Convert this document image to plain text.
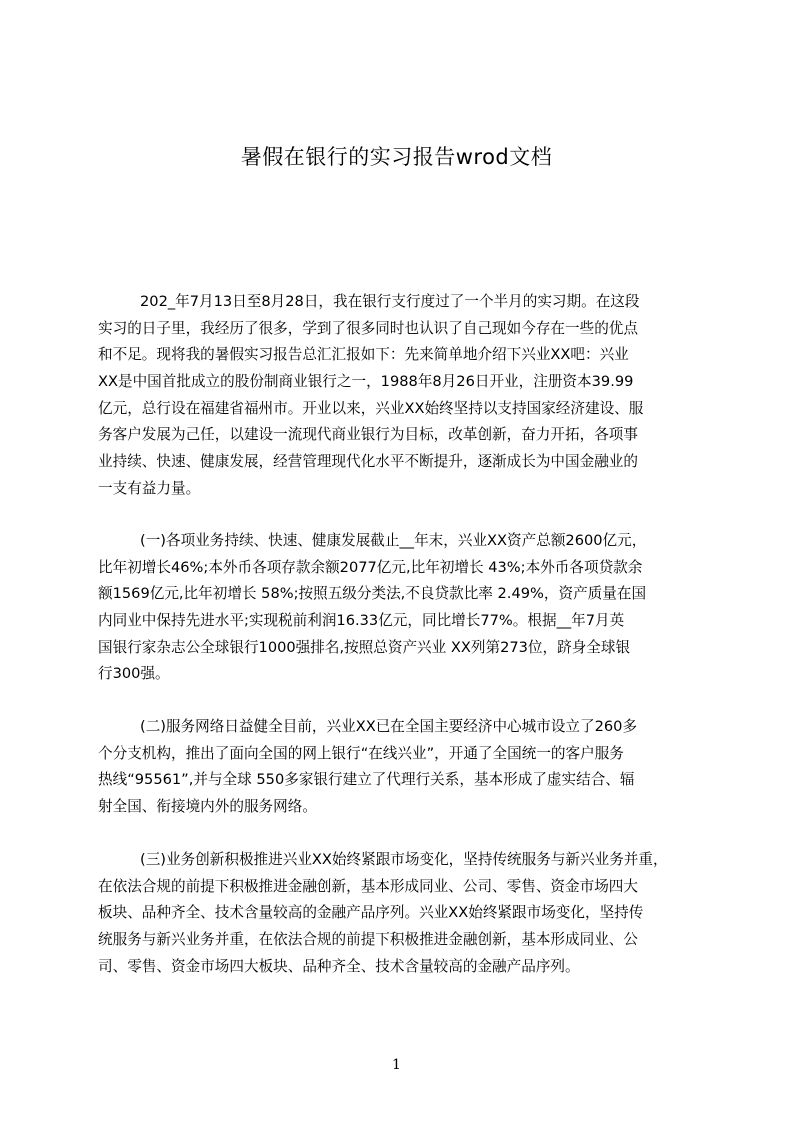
暑假在银行的实习报告wrod文档
202_年7月13日至8月28日，我在银行支行度过了一个半月的实习期。在这段
实习的日子里，我经历了很多，学到了很多同时也认识了自己现如今存在一些的优点
和不足。现将我的暑假实习报告总汇汇报如下：先来简单地介绍下兴业XX吧：兴业
XX是中国首批成立的股份制商业银行之一，1988年8月26日开业，注册资本39.99
亿元，总行设在福建省福州市。开业以来，兴业XX始终坚持以支持国家经济建设、服
务客户发展为己任，以建设一流现代商业银行为目标，改革创新，奋力开拓，各项事
业持续、快速、健康发展，经营管理现代化水平不断提升，逐渐成长为中国金融业的
一支有益力量。
(一)各项业务持续、快速、健康发展截止__年末，兴业XX资产总额2600亿元，
比年初增长46%;本外币各项存款余额2077亿元,比年初增长 43%;本外币各项贷款余
额1569亿元,比年初增长 58%;按照五级分类法,不良贷款比率 2.49%，资产质量在国
内同业中保持先进水平;实现税前利润16.33亿元，同比增长77%。根据__年7月英
国银行家杂志公全球银行1000强排名,按照总资产兴业 XX列第273位，跻身全球银
行300强。
(二)服务网络日益健全目前，兴业XX已在全国主要经济中心城市设立了260多
个分支机构，推出了面向全国的网上银行“在线兴业”，开通了全国统一的客户服务
热线“95561”,并与全球 550多家银行建立了代理行关系，基本形成了虚实结合、辐
射全国、衔接境内外的服务网络。
(三)业务创新积极推进兴业XX始终紧跟市场变化，坚持传统服务与新兴业务并重，
在依法合规的前提下积极推进金融创新，基本形成同业、公司、零售、资金市场四大
板块、品种齐全、技术含量较高的金融产品序列。兴业XX始终紧跟市场变化，坚持传
统服务与新兴业务并重，在依法合规的前提下积极推进金融创新，基本形成同业、公
司、零售、资金市场四大板块、品种齐全、技术含量较高的金融产品序列。
1
